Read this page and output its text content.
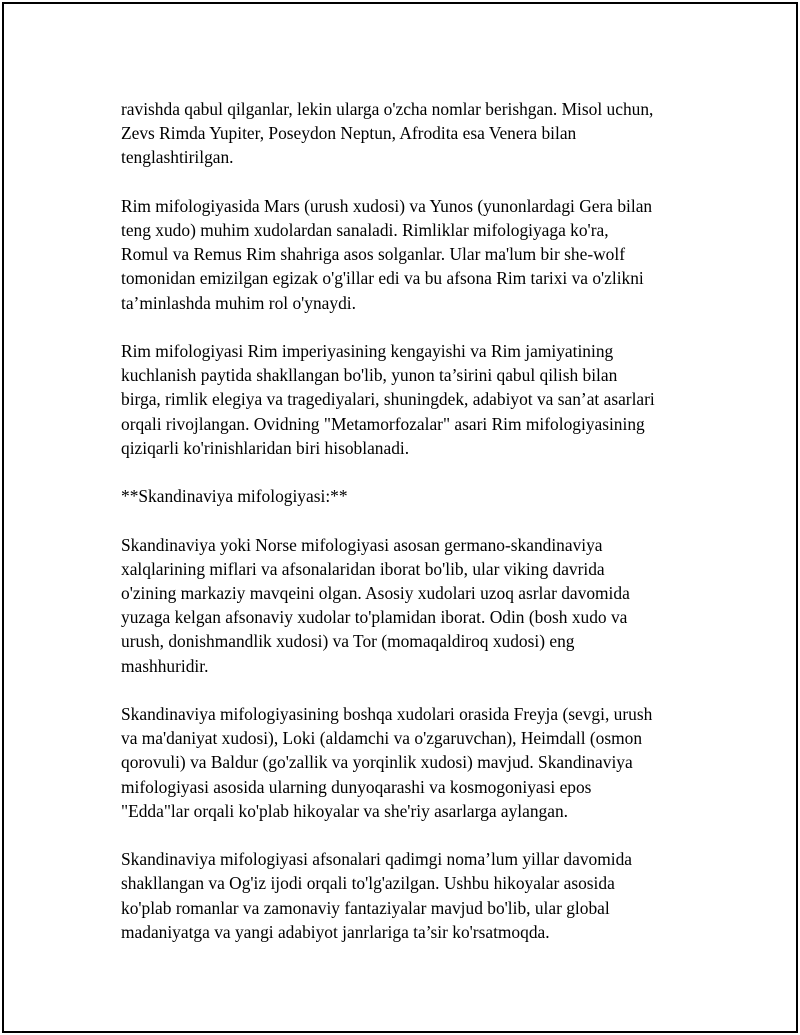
ravishda qabul qilganlar, lekin ularga o'zcha nomlar berishgan. Misol uchun,
Zevs Rimda Yupiter, Poseydon Neptun, Afrodita esa Venera bilan
tenglashtirilgan.

Rim mifologiyasida Mars (urush xudosi) va Yunos (yunonlardagi Gera bilan
teng xudo) muhim xudolardan sanaladi. Rimliklar mifologiyaga ko'ra,
Romul va Remus Rim shahriga asos solganlar. Ular ma'lum bir she-wolf
tomonidan emizilgan egizak o'g'illar edi va bu afsona Rim tarixi va o'zlikni
ta’minlashda muhim rol o'ynaydi.

Rim mifologiyasi Rim imperiyasining kengayishi va Rim jamiyatining
kuchlanish paytida shakllangan bo'lib, yunon ta’sirini qabul qilish bilan
birga, rimlik elegiya va tragediyalari, shuningdek, adabiyot va san’at asarlari
orqali rivojlangan. Ovidning "Metamorfozalar" asari Rim mifologiyasining
qiziqarli ko'rinishlaridan biri hisoblanadi.

**Skandinaviya mifologiyasi:**

Skandinaviya yoki Norse mifologiyasi asosan germano-skandinaviya
xalqlarining miflari va afsonalaridan iborat bo'lib, ular viking davrida
o'zining markaziy mavqeini olgan. Asosiy xudolari uzoq asrlar davomida
yuzaga kelgan afsonaviy xudolar to'plamidan iborat. Odin (bosh xudo va
urush, donishmandlik xudosi) va Tor (momaqaldiroq xudosi) eng
mashhuridir.

Skandinaviya mifologiyasining boshqa xudolari orasida Freyja (sevgi, urush
va ma'daniyat xudosi), Loki (aldamchi va o'zgaruvchan), Heimdall (osmon
qorovuli) va Baldur (go'zallik va yorqinlik xudosi) mavjud. Skandinaviya
mifologiyasi asosida ularning dunyoqarashi va kosmogoniyasi epos
"Edda"lar orqali ko'plab hikoyalar va she'riy asarlarga aylangan.

Skandinaviya mifologiyasi afsonalari qadimgi noma’lum yillar davomida
shakllangan va Og'iz ijodi orqali to'lg'azilgan. Ushbu hikoyalar asosida
ko'plab romanlar va zamonaviy fantaziyalar mavjud bo'lib, ular global
madaniyatga va yangi adabiyot janrlariga ta’sir ko'rsatmoqda.
